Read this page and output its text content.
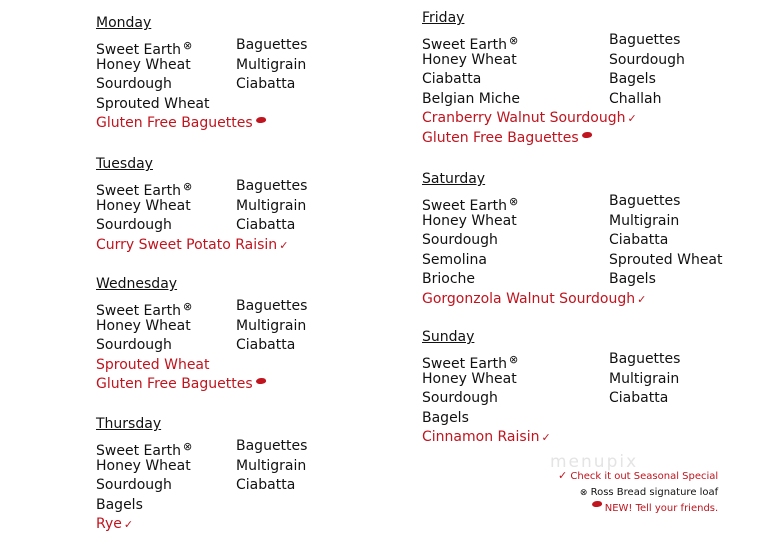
menupix
Monday
Sweet Earth ⊗	Baguettes
Honey Wheat	Multigrain
Sourdough	Ciabatta
Sprouted Wheat
Gluten Free Baguettes
Tuesday
Sweet Earth ⊗	Baguettes
Honey Wheat	Multigrain
Sourdough	Ciabatta
Curry Sweet Potato Raisin ✓
Wednesday
Sweet Earth ⊗	Baguettes
Honey Wheat	Multigrain
Sourdough	Ciabatta
Sprouted Wheat
Gluten Free Baguettes
Thursday
Sweet Earth ⊗	Baguettes
Honey Wheat	Multigrain
Sourdough	Ciabatta
Bagels
Rye ✓
Friday
Sweet Earth ⊗	Baguettes
Honey Wheat	Sourdough
Ciabatta	Bagels
Belgian Miche	Challah
Cranberry Walnut Sourdough ✓
Gluten Free Baguettes
Saturday
Sweet Earth ⊗	Baguettes
Honey Wheat	Multigrain
Sourdough	Ciabatta
Semolina	Sprouted Wheat
Brioche	Bagels
Gorgonzola Walnut Sourdough ✓
Sunday
Sweet Earth ⊗	Baguettes
Honey Wheat	Multigrain
Sourdough	Ciabatta
Bagels
Cinnamon Raisin ✓
✓ Check it out Seasonal Special
⊗ Ross Bread signature loaf
NEW! Tell your friends.
